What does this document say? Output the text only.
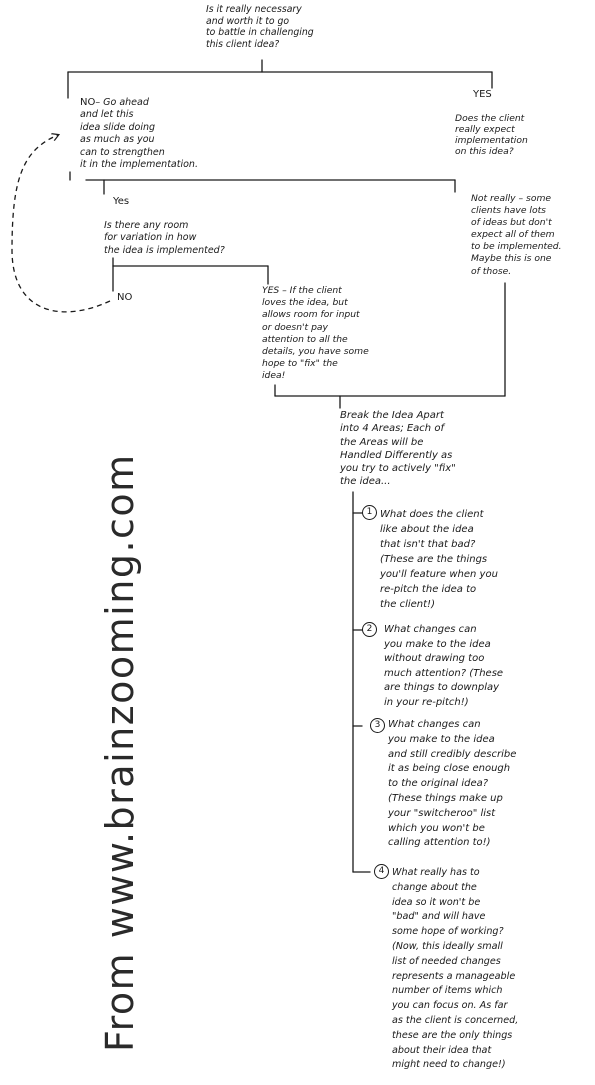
Is it really necessary
and worth it to go
to battle in challenging
this client idea?

NO– Go ahead
and let this
idea slide doing
as much as you
can to strengthen
it in the implementation.

YES

Does the client
really expect
implementation
on this idea?

Yes

Is there any room
for variation in how
the idea is implemented?

NO

Not really – some
clients have lots
of ideas but don't
expect all of them
to be implemented.
Maybe this is one
of those.

YES – If the client
loves the idea, but
allows room for input
or doesn't pay
attention to all the
details, you have some
hope to "fix" the
idea!

Break the Idea Apart
into 4 Areas; Each of
the Areas will be
Handled Differently as
you try to actively "fix"
the idea...

1 What does the client
like about the idea
that isn't that bad?
(These are the things
you'll feature when you
re-pitch the idea to
the client!)

2	What changes can
you make to the idea
without drawing too
much attention? (These
are things to downplay
in your re-pitch!)

3 What changes can
you make to the idea
and still credibly describe
it as being close enough
to the original idea?
(These things make up
your "switcheroo" list
which you won't be
calling attention to!)

4 What really has to
change about the
idea so it won't be
"bad" and will have
some hope of working?
(Now, this ideally small
list of needed changes
represents a manageable
number of items which
you can focus on. As far
as the client is concerned,
these are the only things
about their idea that
might need to change!)

From www.brainzooming.com
